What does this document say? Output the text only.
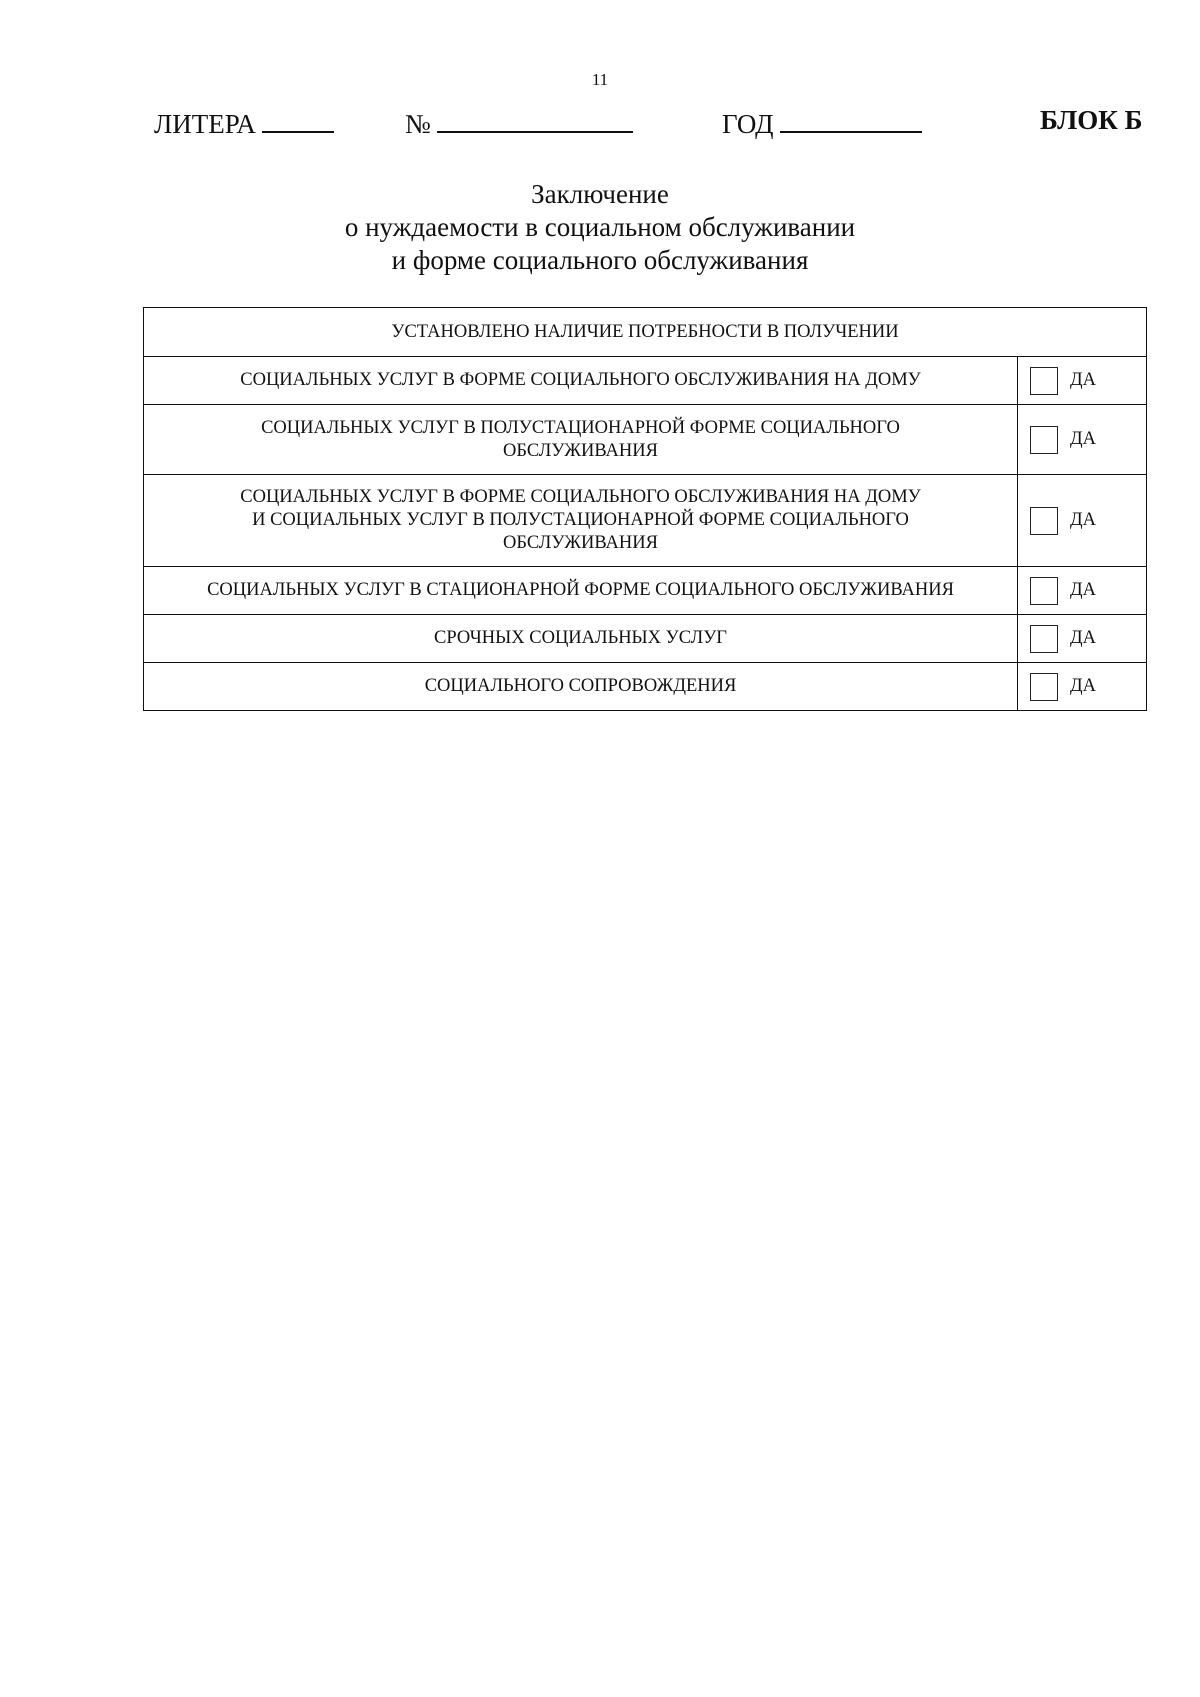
11
ЛИТЕРА	№	ГОД	БЛОК Б
Заключение
о нуждаемости в социальном обслуживании
и форме социального обслуживания
УСТАНОВЛЕНО НАЛИЧИЕ ПОТРЕБНОСТИ В ПОЛУЧЕНИИ	

СОЦИАЛЬНЫХ УСЛУГ В ФОРМЕ СОЦИАЛЬНОГО ОБСЛУЖИВАНИЯ НА ДОМУ	ДА

СОЦИАЛЬНЫХ УСЛУГ В ПОЛУСТАЦИОНАРНОЙ ФОРМЕ СОЦИАЛЬНОГО
ОБСЛУЖИВАНИЯ	ДА

СОЦИАЛЬНЫХ УСЛУГ В ФОРМЕ СОЦИАЛЬНОГО ОБСЛУЖИВАНИЯ НА ДОМУ
И СОЦИАЛЬНЫХ УСЛУГ В ПОЛУСТАЦИОНАРНОЙ ФОРМЕ СОЦИАЛЬНОГО
ОБСЛУЖИВАНИЯ	ДА

СОЦИАЛЬНЫХ УСЛУГ В СТАЦИОНАРНОЙ ФОРМЕ СОЦИАЛЬНОГО ОБСЛУЖИВАНИЯ	ДА

СРОЧНЫХ СОЦИАЛЬНЫХ УСЛУГ	ДА

СОЦИАЛЬНОГО СОПРОВОЖДЕНИЯ	ДА
